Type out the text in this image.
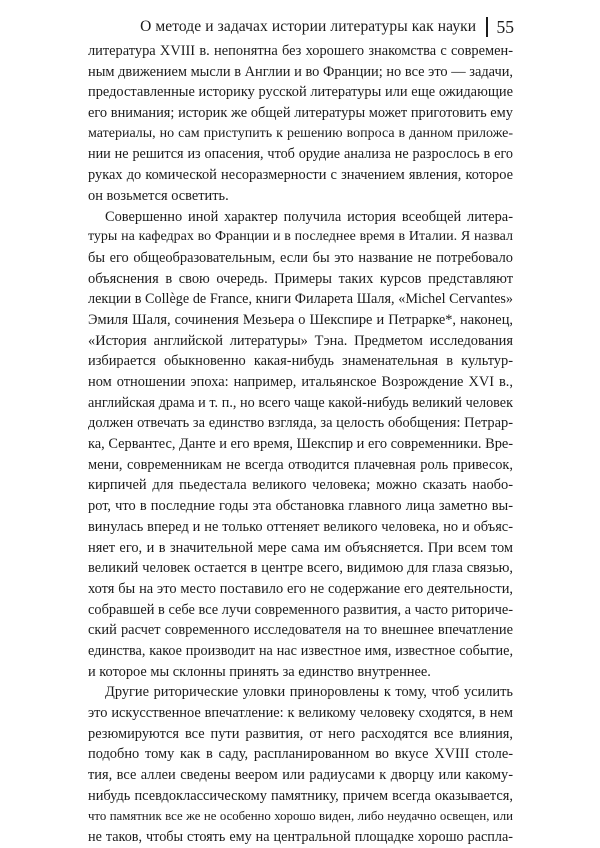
О методе и задачах истории литературы как науки 55
литература XVIII в. непонятна без хорошего знакомства с современ-
ным движением мысли в Англии и во Франции; но все это — задачи,
предоставленные историку русской литературы или еще ожидающие
его внимания; историк же общей литературы может приготовить ему
материалы, но сам приступить к решению вопроса в данном приложе-
нии не решится из опасения, чтоб орудие анализа не разрослось в его
руках до комической несоразмерности с значением явления, которое
он возьмется осветить.
Совершенно иной характер получила история всеобщей литера-
туры на кафедрах во Франции и в последнее время в Италии. Я назвал
бы его общеобразовательным, если бы это название не потребовало
объяснения в свою очередь. Примеры таких курсов представляют
лекции в Collège de France, книги Филарета Шаля, «Michel Cervantes»
Эмиля Шаля, сочинения Мезьера о Шекспире и Петрарке*, наконец,
«История английской литературы» Тэна. Предметом исследования
избирается обыкновенно какая-нибудь знаменательная в культур-
ном отношении эпоха: например, итальянское Возрождение XVI в.,
английская драма и т. п., но всего чаще какой-нибудь великий человек
должен отвечать за единство взгляда, за целость обобщения: Петрар-
ка, Сервантес, Данте и его время, Шекспир и его современники. Вре-
мени, современникам не всегда отводится плачевная роль привесок,
кирпичей для пьедестала великого человека; можно сказать наобо-
рот, что в последние годы эта обстановка главного лица заметно вы-
винулась вперед и не только оттеняет великого человека, но и объяс-
няет его, и в значительной мере сама им объясняется. При всем том
великий человек остается в центре всего, видимою для глаза связью,
хотя бы на это место поставило его не содержание его деятельности,
собравшей в себе все лучи современного развития, а часто риториче-
ский расчет современного исследователя на то внешнее впечатление
единства, какое производит на нас известное имя, известное событие,
и которое мы склонны принять за единство внутреннее.
Другие риторические уловки приноровлены к тому, чтоб усилить
это искусственное впечатление: к великому человеку сходятся, в нем
резюмируются все пути развития, от него расходятся все влияния,
подобно тому как в саду, распланированном во вкусе XVIII столе-
тия, все аллеи сведены веером или радиусами к дворцу или какому-
нибудь псевдоклассическому памятнику, причем всегда оказывается,
что памятник все же не особенно хорошо виден, либо неудачно освещен, или
не таков, чтобы стоять ему на центральной площадке хорошо распла-
